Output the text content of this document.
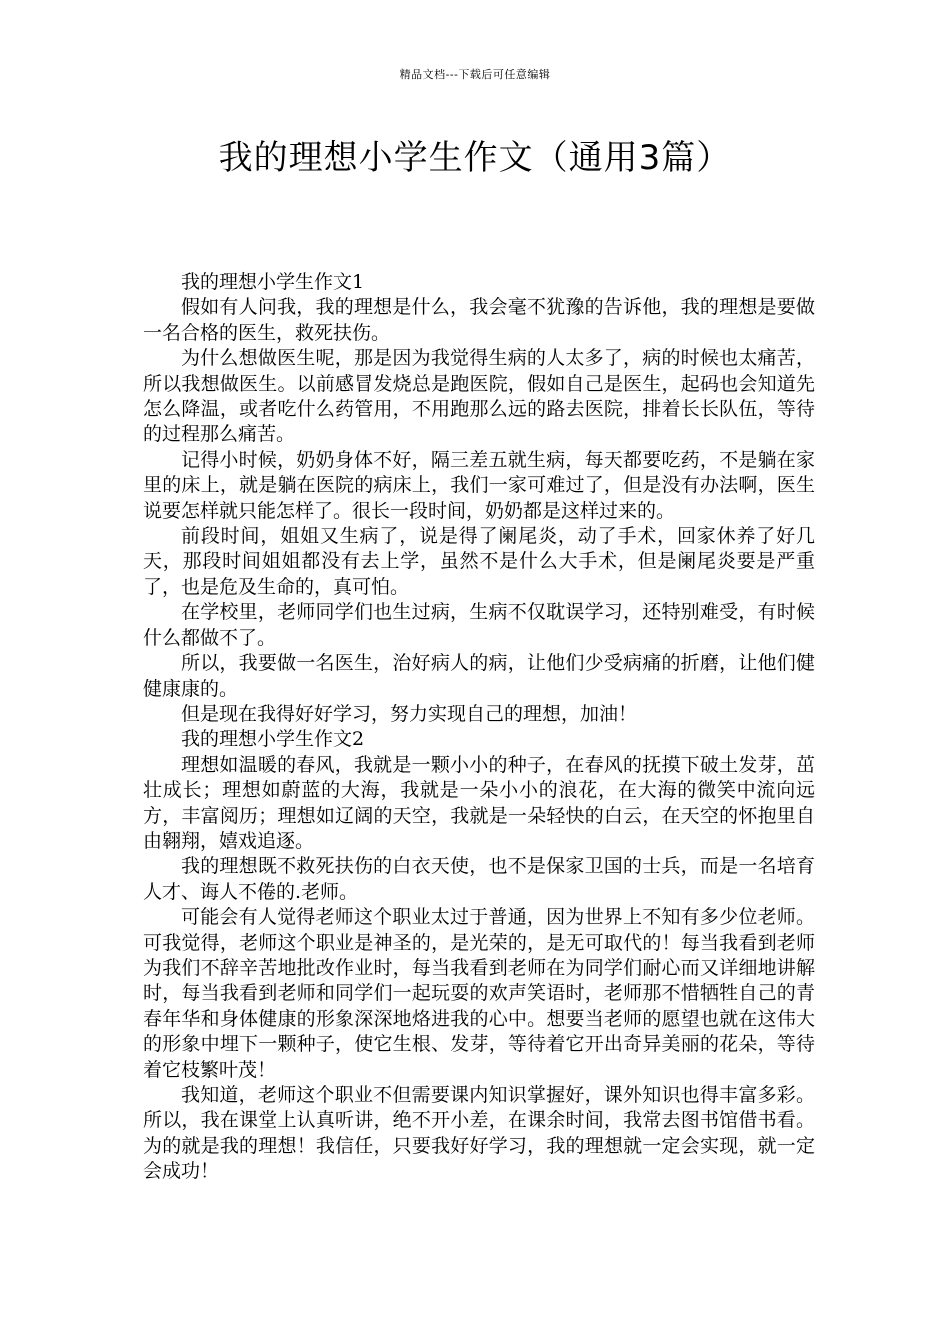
精品文档---下载后可任意编辑
我的理想小学生作文（通用3篇）

我的理想小学生作文1

假如有人问我，我的理想是什么，我会毫不犹豫的告诉他，我的理想是要做一名合格的医生，救死扶伤。

为什么想做医生呢，那是因为我觉得生病的人太多了，病的时候也太痛苦，所以我想做医生。以前感冒发烧总是跑医院，假如自己是医生，起码也会知道先怎么降温，或者吃什么药管用，不用跑那么远的路去医院，排着长长队伍，等待的过程那么痛苦。

记得小时候，奶奶身体不好，隔三差五就生病，每天都要吃药，不是躺在家里的床上，就是躺在医院的病床上，我们一家可难过了，但是没有办法啊，医生说要怎样就只能怎样了。很长一段时间，奶奶都是这样过来的。

前段时间，姐姐又生病了，说是得了阑尾炎，动了手术，回家休养了好几天，那段时间姐姐都没有去上学，虽然不是什么大手术，但是阑尾炎要是严重了，也是危及生命的，真可怕。

在学校里，老师同学们也生过病，生病不仅耽误学习，还特别难受，有时候什么都做不了。

所以，我要做一名医生，治好病人的病，让他们少受病痛的折磨，让他们健健康康的。

但是现在我得好好学习，努力实现自己的理想，加油！

我的理想小学生作文2

理想如温暖的春风，我就是一颗小小的种子，在春风的抚摸下破土发芽，茁壮成长；理想如蔚蓝的大海，我就是一朵小小的浪花，在大海的微笑中流向远方，丰富阅历；理想如辽阔的天空，我就是一朵轻快的白云，在天空的怀抱里自由翱翔，嬉戏追逐。

我的理想既不救死扶伤的白衣天使，也不是保家卫国的士兵，而是一名培育人才、诲人不倦的.老师。

可能会有人觉得老师这个职业太过于普通，因为世界上不知有多少位老师。可我觉得，老师这个职业是神圣的，是光荣的，是无可取代的！每当我看到老师为我们不辞辛苦地批改作业时，每当我看到老师在为同学们耐心而又详细地讲解时，每当我看到老师和同学们一起玩耍的欢声笑语时，老师那不惜牺牲自己的青春年华和身体健康的形象深深地烙进我的心中。想要当老师的愿望也就在这伟大的形象中埋下一颗种子，使它生根、发芽，等待着它开出奇异美丽的花朵，等待着它枝繁叶茂！

我知道，老师这个职业不但需要课内知识掌握好，课外知识也得丰富多彩。所以，我在课堂上认真听讲，绝不开小差，在课余时间，我常去图书馆借书看。为的就是我的理想！我信任，只要我好好学习，我的理想就一定会实现，就一定会成功！
